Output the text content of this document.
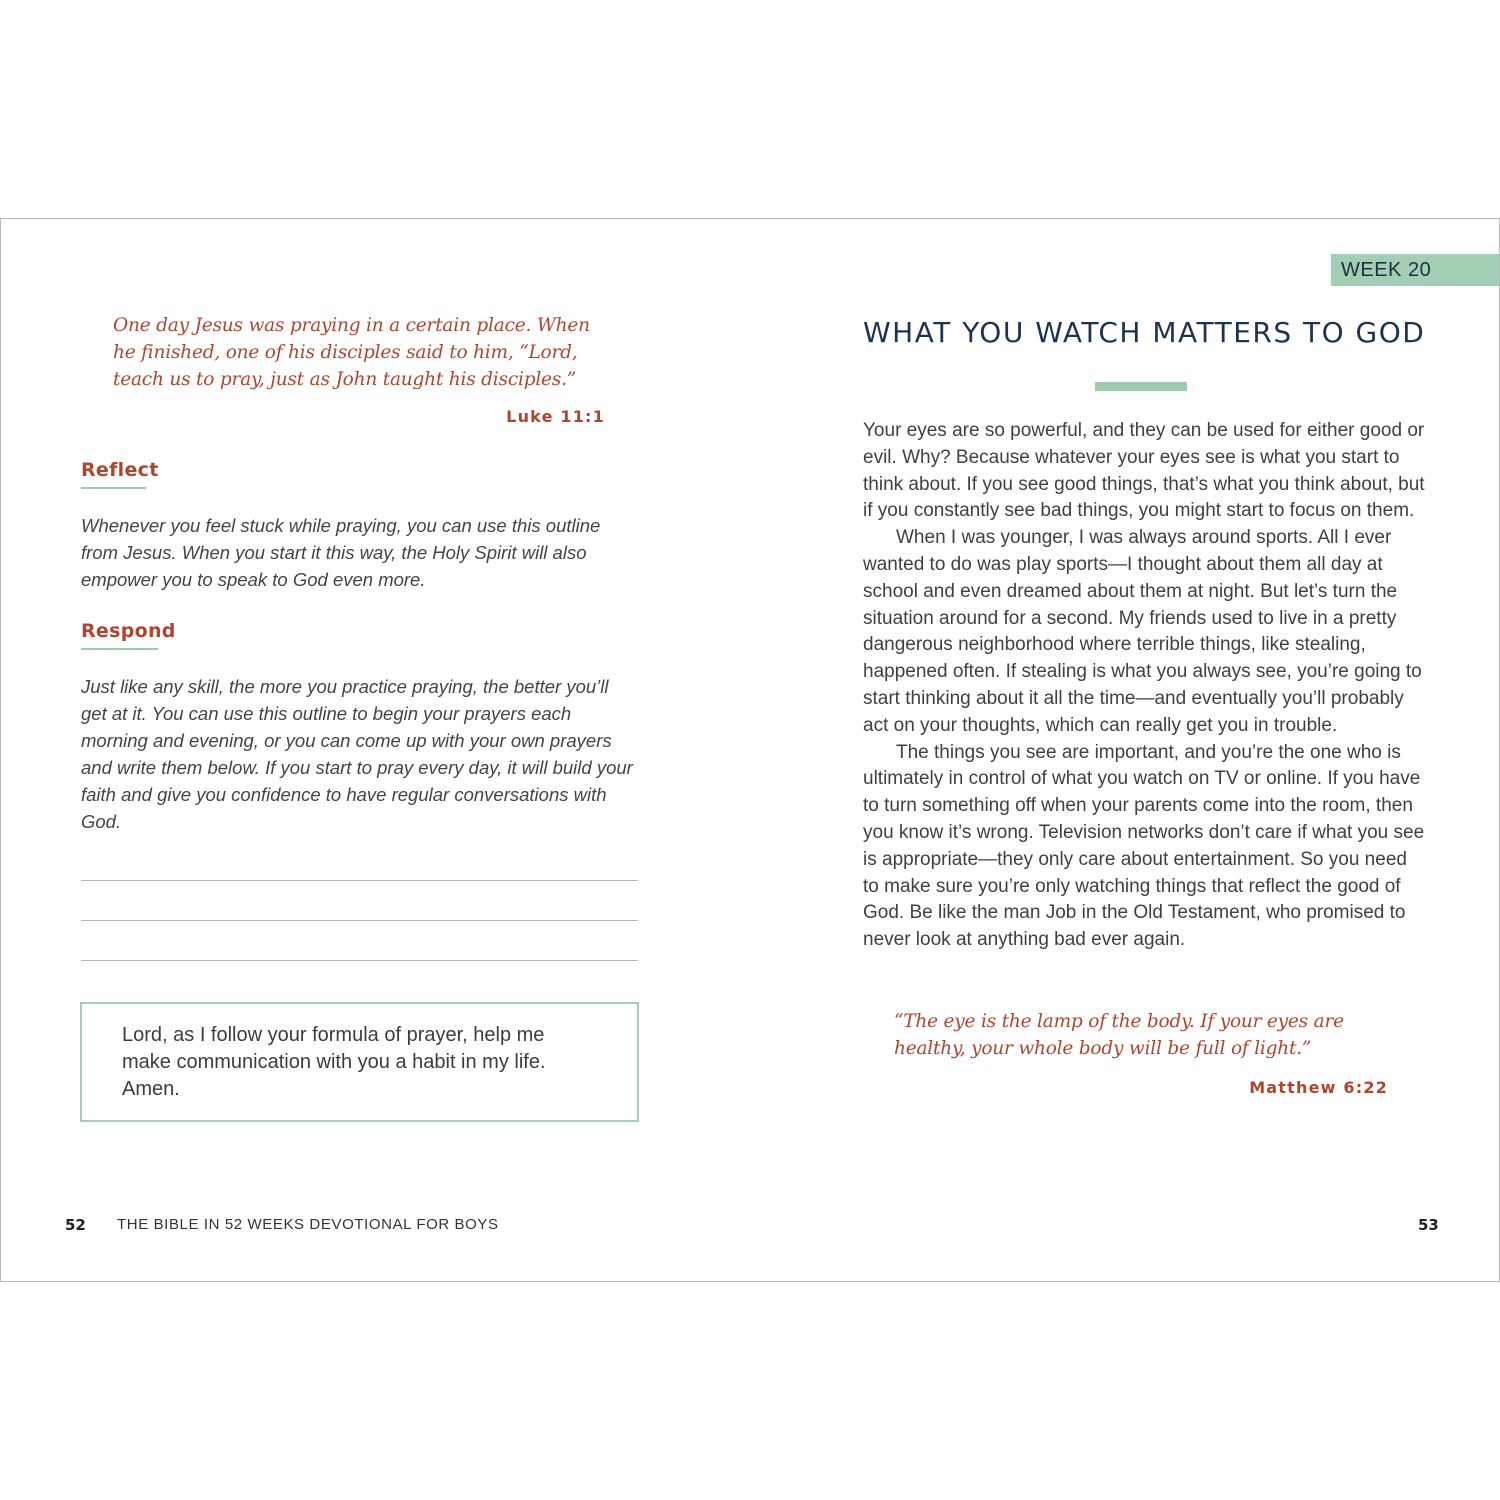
One day Jesus was praying in a certain place. When he finished, one of his disciples said to him, “Lord, teach us to pray, just as John taught his disciples.”
Luke 11:1
Reflect
Whenever you feel stuck while praying, you can use this outline from Jesus. When you start it this way, the Holy Spirit will also empower you to speak to God even more.
Respond
Just like any skill, the more you practice praying, the better you’ll get at it. You can use this outline to begin your prayers each morning and evening, or you can come up with your own prayers and write them below. If you start to pray every day, it will build your faith and give you confidence to have regular conversations with God.
Lord, as I follow your formula of prayer, help me make communication with you a habit in my life. Amen.
52 THE BIBLE IN 52 WEEKS DEVOTIONAL FOR BOYS
WEEK 20
WHAT YOU WATCH MATTERS TO GOD

Your eyes are so powerful, and they can be used for either good or evil. Why? Because whatever your eyes see is what you start to think about. If you see good things, that’s what you think about, but if you constantly see bad things, you might start to focus on them.

When I was younger, I was always around sports. All I ever wanted to do was play sports—I thought about them all day at school and even dreamed about them at night. But let’s turn the situation around for a second. My friends used to live in a pretty dangerous neighborhood where terrible things, like stealing, happened often. If stealing is what you always see, you’re going to start thinking about it all the time—and eventually you’ll probably act on your thoughts, which can really get you in trouble.

The things you see are important, and you’re the one who is ultimately in control of what you watch on TV or online. If you have to turn something off when your parents come into the room, then you know it’s wrong. Television networks don’t care if what you see is appropriate—they only care about entertainment. So you need to make sure you’re only watching things that reflect the good of God. Be like the man Job in the Old Testament, who promised to never look at anything bad ever again.

“The eye is the lamp of the body. If your eyes are healthy, your whole body will be full of light.”
Matthew 6:22
53
